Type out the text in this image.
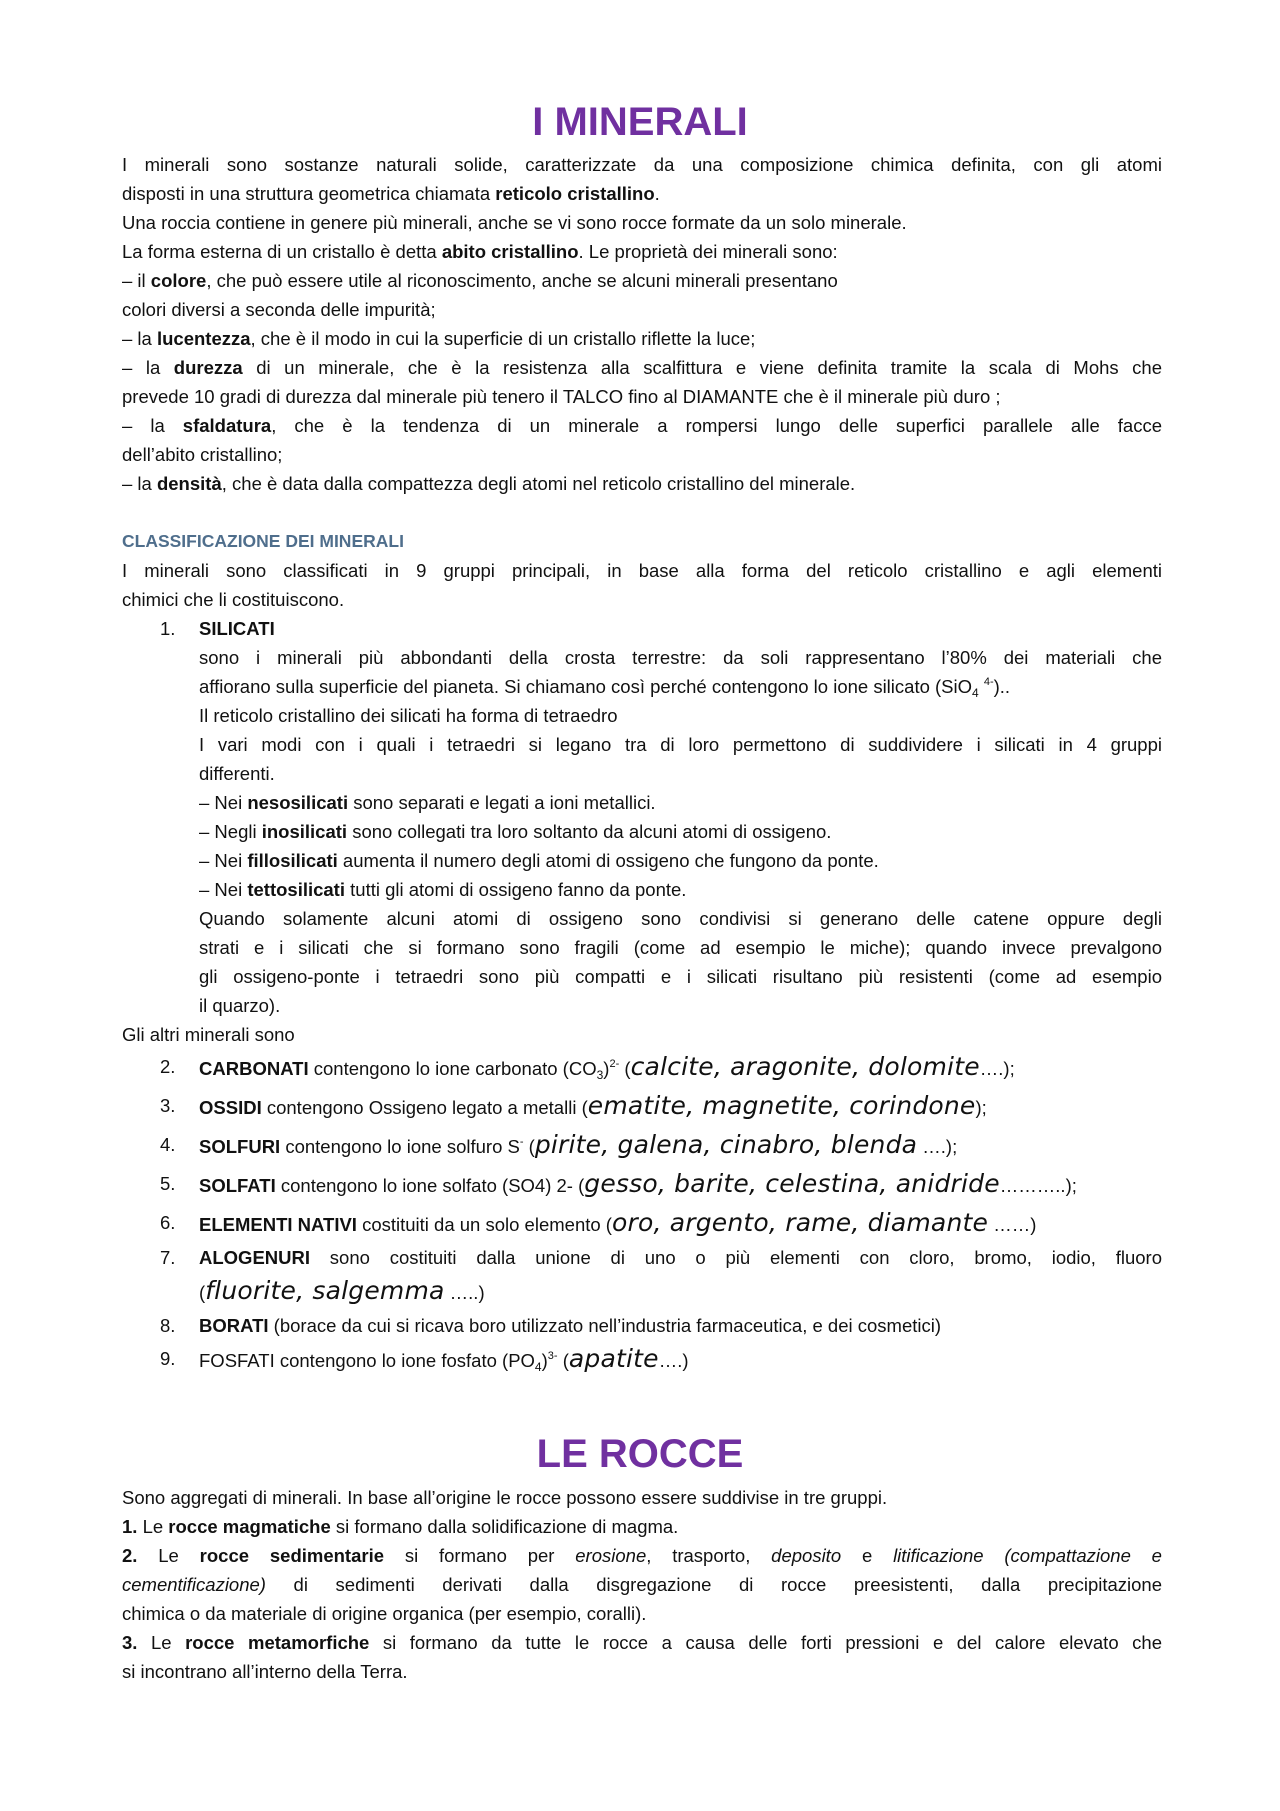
I MINERALI

I minerali sono sostanze naturali solide, caratterizzate da una composizione chimica definita, con gli atomi

disposti in una struttura geometrica chiamata reticolo cristallino.

Una roccia contiene in genere più minerali, anche se vi sono rocce formate da un solo minerale.

La forma esterna di un cristallo è detta abito cristallino. Le proprietà dei minerali sono:

– il colore, che può essere utile al riconoscimento, anche se alcuni minerali presentano

colori diversi a seconda delle impurità;

– la lucentezza, che è il modo in cui la superficie di un cristallo riflette la luce;

– la durezza di un minerale, che è la resistenza alla scalfittura e viene definita tramite la scala di Mohs che

prevede 10 gradi di durezza dal minerale più tenero il TALCO fino al DIAMANTE che è il minerale più duro ;

– la sfaldatura, che è la tendenza di un minerale a rompersi lungo delle superfici parallele alle facce

dell’abito cristallino;

– la densità, che è data dalla compattezza degli atomi nel reticolo cristallino del minerale.

CLASSIFICAZIONE DEI MINERALI

I minerali sono classificati in 9 gruppi principali, in base alla forma del reticolo cristallino e agli elementi

chimici che li costituiscono.

1. SILICATI

sono i minerali più abbondanti della crosta terrestre: da soli rappresentano l’80% dei materiali che

affiorano sulla superficie del pianeta. Si chiamano così perché contengono lo ione silicato (SiO$_4$ $^{4-}$)..

Il reticolo cristallino dei silicati ha forma di tetraedro

I vari modi con i quali i tetraedri si legano tra di loro permettono di suddividere i silicati in 4 gruppi

differenti.

– Nei nesosilicati sono separati e legati a ioni metallici.

– Negli inosilicati sono collegati tra loro soltanto da alcuni atomi di ossigeno.

– Nei fillosilicati aumenta il numero degli atomi di ossigeno che fungono da ponte.

– Nei tettosilicati tutti gli atomi di ossigeno fanno da ponte.

Quando solamente alcuni atomi di ossigeno sono condivisi si generano delle catene oppure degli

strati e i silicati che si formano sono fragili (come ad esempio le miche); quando invece prevalgono

gli ossigeno-ponte i tetraedri sono più compatti e i silicati risultano più resistenti (come ad esempio

il quarzo).

Gli altri minerali sono

2. CARBONATI contengono lo ione carbonato $(CO_3)^{2-}$ (calcite, aragonite, dolomite….);

3. OSSIDI contengono Ossigeno legato a metalli (ematite, magnetite, corindone);

4. SOLFURI contengono lo ione solfuro S- (pirite, galena, cinabro, blenda ….);

5. SOLFATI contengono lo ione solfato (SO4) 2- (gesso, barite, celestina, anidride………..);

6. ELEMENTI NATIVI costituiti da un solo elemento (oro, argento, rame, diamante ……)

7. ALOGENURI sono costituiti dalla unione di uno o più elementi con cloro, bromo, iodio, fluoro

(fluorite, salgemma …..)

8. BORATI (borace da cui si ricava boro utilizzato nell’industria farmaceutica, e dei cosmetici)

9. FOSFATI contengono lo ione fosfato $(PO_4)^{3-}$ (apatite….)

LE ROCCE

Sono aggregati di minerali. In base all’origine le rocce possono essere suddivise in tre gruppi.

1. Le rocce magmatiche si formano dalla solidificazione di magma.

2. Le rocce sedimentarie si formano per erosione, trasporto, deposito e litificazione (compattazione e

cementificazione) di sedimenti derivati dalla disgregazione di rocce preesistenti, dalla precipitazione

chimica o da materiale di origine organica (per esempio, coralli).

3. Le rocce metamorfiche si formano da tutte le rocce a causa delle forti pressioni e del calore elevato che

si incontrano all’interno della Terra.
